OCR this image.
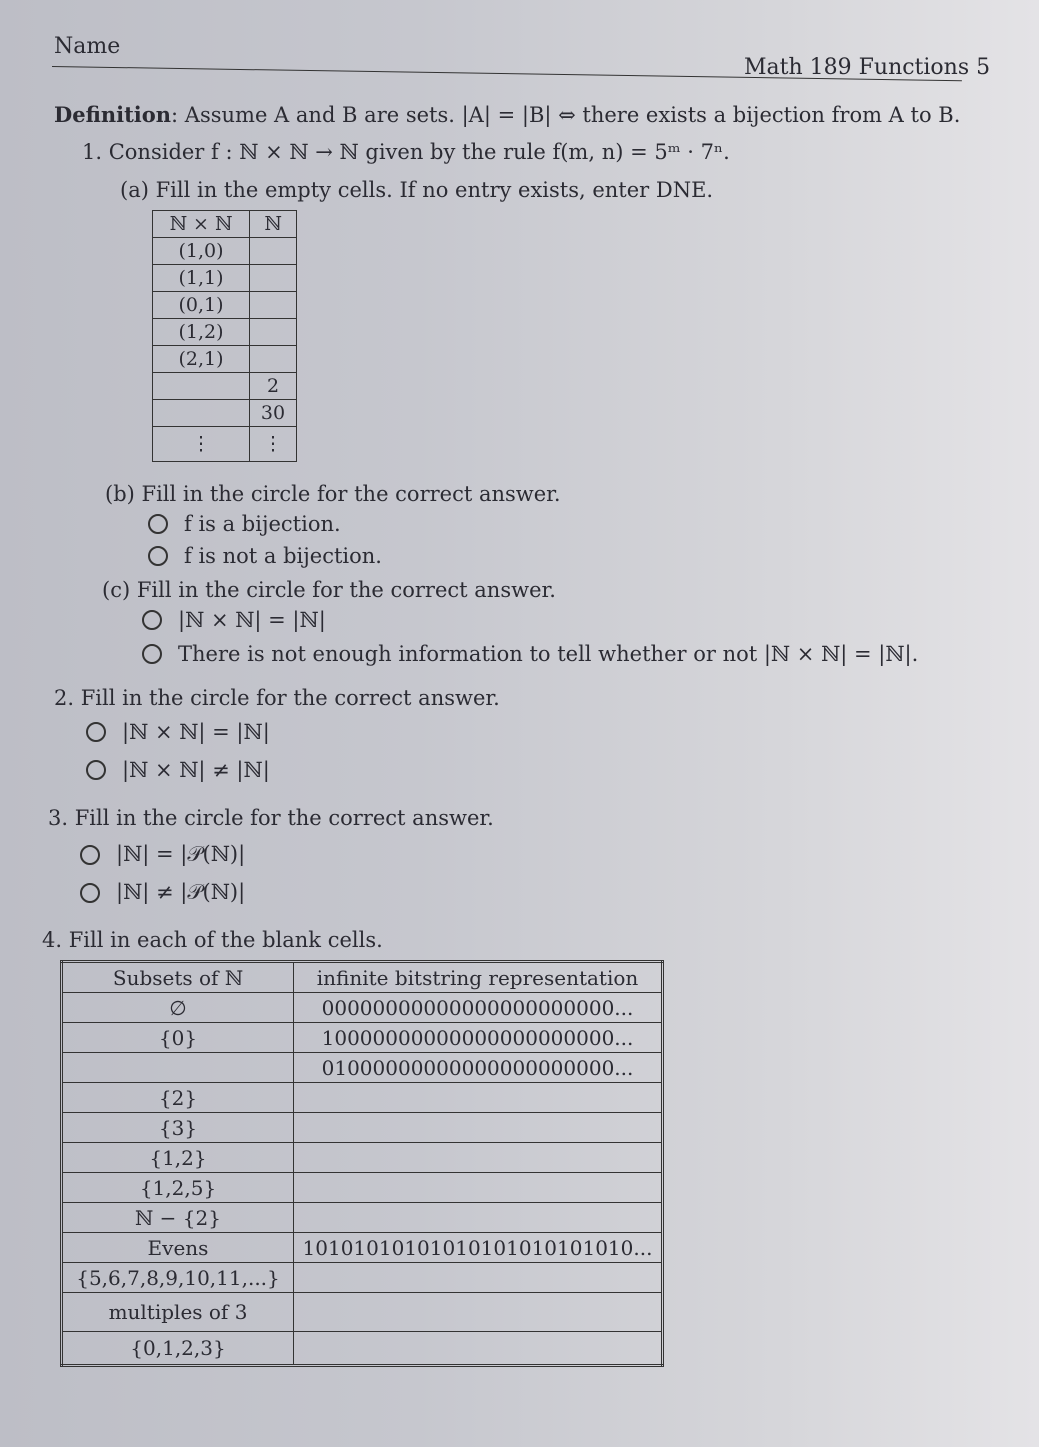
Name
Math 189 Functions 5
Definition: Assume A and B are sets. |A| = |B| ⇔ there exists a bijection from A to B.
1. Consider f : ℕ × ℕ → ℕ given by the rule f(m, n) = 5ᵐ · 7ⁿ.
(a) Fill in the empty cells. If no entry exists, enter DNE.
ℕ × ℕ	ℕ
(1,0)	
(1,1)	
(0,1)	
(1,2)	
(2,1)	
	2
	30
⋮	⋮
(b) Fill in the circle for the correct answer.
f is a bijection.
f is not a bijection.
(c) Fill in the circle for the correct answer.
|ℕ × ℕ| = |ℕ|
There is not enough information to tell whether or not |ℕ × ℕ| = |ℕ|.
2. Fill in the circle for the correct answer.
|ℕ × ℕ| = |ℕ|
|ℕ × ℕ| ≠ |ℕ|
3. Fill in the circle for the correct answer.
|ℕ| = |𝒫(ℕ)|
|ℕ| ≠ |𝒫(ℕ)|
4. Fill in each of the blank cells.
Subsets of ℕ	infinite bitstring representation
∅	00000000000000000000000...
{0}	10000000000000000000000...
	01000000000000000000000...
{2}	
{3}	
{1,2}	
{1,2,5}	
ℕ − {2}	
Evens	10101010101010101010101010...
{5,6,7,8,9,10,11,...}	
multiples of 3	
{0,1,2,3}	
